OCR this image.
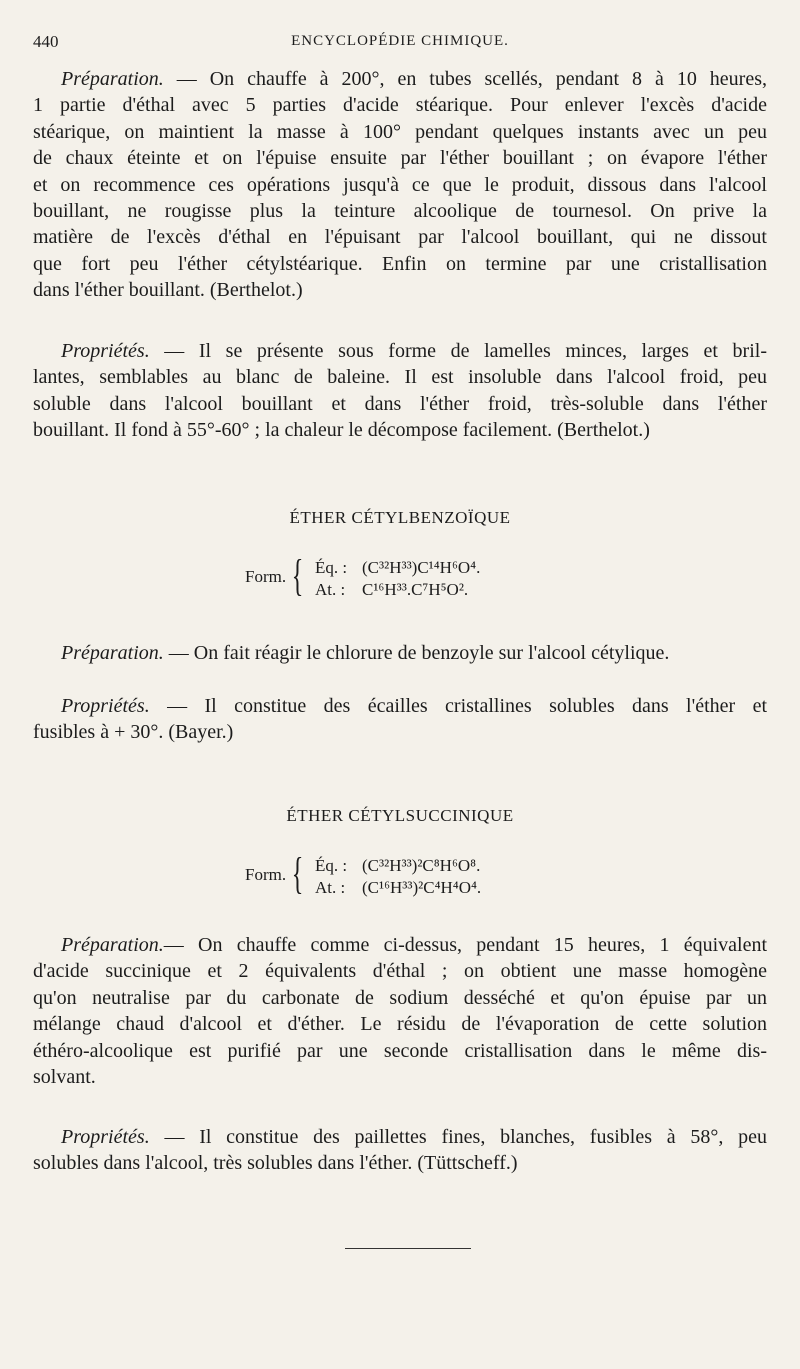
440	ENCYCLOPÉDIE CHIMIQUE.
Préparation. — On chauffe à 200°, en tubes scellés, pendant 8 à 10 heures,
1 partie d'éthal avec 5 parties d'acide stéarique. Pour enlever l'excès d'acide
stéarique, on maintient la masse à 100° pendant quelques instants avec un peu
de chaux éteinte et on l'épuise ensuite par l'éther bouillant ; on évapore l'éther
et on recommence ces opérations jusqu'à ce que le produit, dissous dans l'alcool
bouillant, ne rougisse plus la teinture alcoolique de tournesol. On prive la
matière de l'excès d'éthal en l'épuisant par l'alcool bouillant, qui ne dissout
que fort peu l'éther cétylstéarique. Enfin on termine par une cristallisation
dans l'éther bouillant. (Berthelot.)
Propriétés. — Il se présente sous forme de lamelles minces, larges et bril-
lantes, semblables au blanc de baleine. Il est insoluble dans l'alcool froid, peu
soluble dans l'alcool bouillant et dans l'éther froid, très-soluble dans l'éther
bouillant. Il fond à 55°-60° ; la chaleur le décompose facilement. (Berthelot.)
ÉTHER CÉTYLBENZOÏQUE
Form. { Éq. : (C³²H³³)C¹⁴H⁶O⁴.
At. : C¹⁶H³³.C⁷H⁵O².
Préparation. — On fait réagir le chlorure de benzoyle sur l'alcool cétylique.
Propriétés. — Il constitue des écailles cristallines solubles dans l'éther et
fusibles à + 30°. (Bayer.)
ÉTHER CÉTYLSUCCINIQUE
Form. { Éq. : (C³²H³³)²C⁸H⁶O⁸.
At. : (C¹⁶H³³)²C⁴H⁴O⁴.
Préparation.— On chauffe comme ci-dessus, pendant 15 heures, 1 équivalent
d'acide succinique et 2 équivalents d'éthal ; on obtient une masse homogène
qu'on neutralise par du carbonate de sodium desséché et qu'on épuise par un
mélange chaud d'alcool et d'éther. Le résidu de l'évaporation de cette solution
éthéro-alcoolique est purifié par une seconde cristallisation dans le même dis-
solvant.
Propriétés. — Il constitue des paillettes fines, blanches, fusibles à 58°, peu
solubles dans l'alcool, très solubles dans l'éther. (Tüttscheff.)
